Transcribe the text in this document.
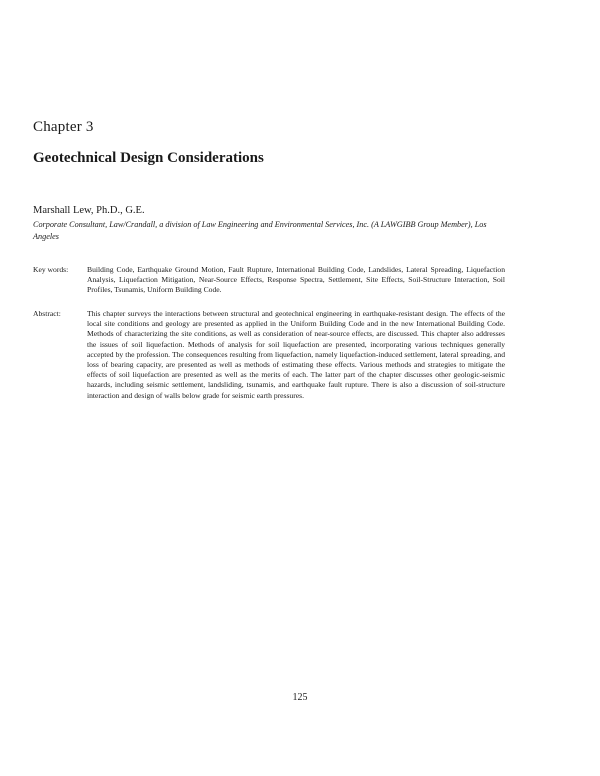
Chapter 3
Geotechnical Design Considerations
Marshall Lew, Ph.D., G.E.
Corporate Consultant, Law/Crandall, a division of Law Engineering and Environmental Services, Inc. (A LAWGIBB Group Member), Los Angeles
Key words:	Building Code, Earthquake Ground Motion, Fault Rupture, International Building Code, Landslides, Lateral Spreading, Liquefaction Analysis, Liquefaction Mitigation, Near-Source Effects, Response Spectra, Settlement, Site Effects, Soil-Structure Interaction, Soil Profiles, Tsunamis, Uniform Building Code.
Abstract:	This chapter surveys the interactions between structural and geotechnical engineering in earthquake-resistant design. The effects of the local site conditions and geology are presented as applied in the Uniform Building Code and in the new International Building Code. Methods of characterizing the site conditions, as well as consideration of near-source effects, are discussed. This chapter also addresses the issues of soil liquefaction. Methods of analysis for soil liquefaction are presented, incorporating various techniques generally accepted by the profession. The consequences resulting from liquefaction, namely liquefaction-induced settlement, lateral spreading, and loss of bearing capacity, are presented as well as methods of estimating these effects. Various methods and strategies to mitigate the effects of soil liquefaction are presented as well as the merits of each. The latter part of the chapter discusses other geologic-seismic hazards, including seismic settlement, landsliding, tsunamis, and earthquake fault rupture. There is also a discussion of soil-structure interaction and design of walls below grade for seismic earth pressures.
125
